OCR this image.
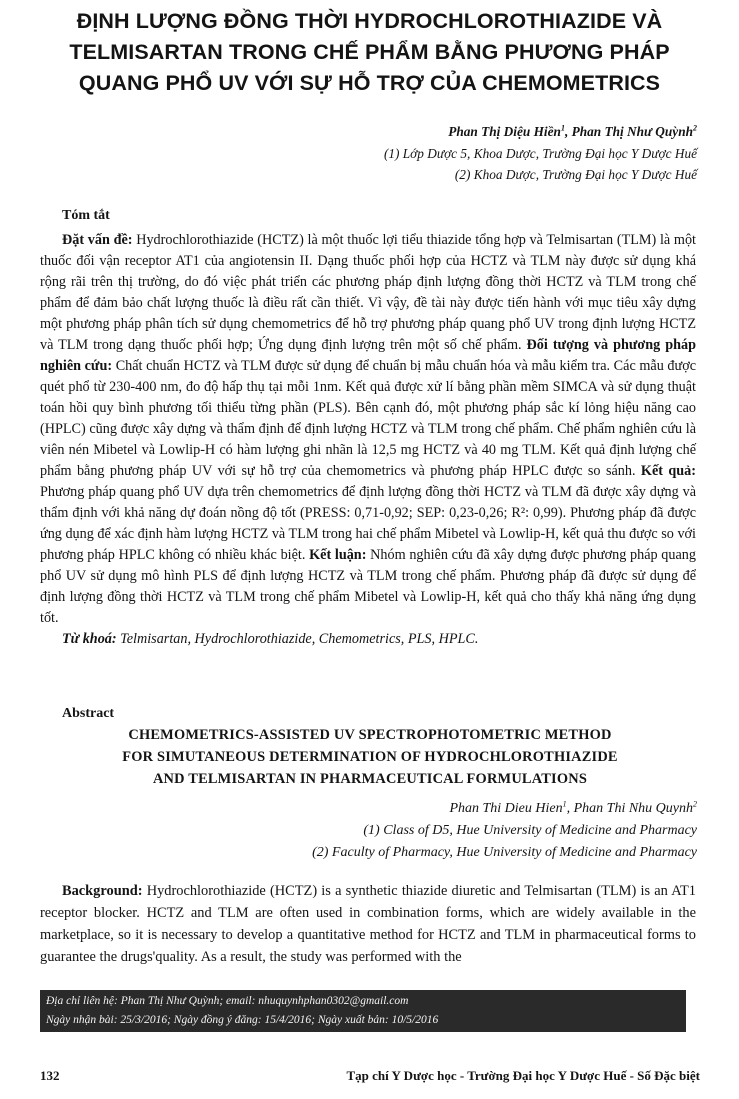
ĐỊNH LƯỢNG ĐỒNG THỜI HYDROCHLOROTHIAZIDE VÀ
TELMISARTAN TRONG CHẾ PHẨM BẰNG PHƯƠNG PHÁP
QUANG PHỔ UV VỚI SỰ HỖ TRỢ CỦA CHEMOMETRICS
Phan Thị Diệu Hiền$^1$, Phan Thị Như Quỳnh$^2$
(1) Lớp Dược 5, Khoa Dược, Trường Đại học Y Dược Huế
(2) Khoa Dược, Trường Đại học Y Dược Huế
Tóm tắt

Đặt vấn đề: Hydrochlorothiazide (HCTZ) là một thuốc lợi tiểu thiazide tổng hợp và Telmisartan (TLM) là một thuốc đối vận receptor AT1 của angiotensin II. Dạng thuốc phối hợp của HCTZ và TLM này được sử dụng khá rộng rãi trên thị trường, do đó việc phát triển các phương pháp định lượng đồng thời HCTZ và TLM trong chế phẩm để đảm bảo chất lượng thuốc là điều rất cần thiết. Vì vậy, đề tài này được tiến hành với mục tiêu xây dựng một phương pháp phân tích sử dụng chemometrics để hỗ trợ phương pháp quang phổ UV trong định lượng HCTZ và TLM trong dạng thuốc phối hợp; Ứng dụng định lượng trên một số chế phẩm. Đối tượng và phương pháp nghiên cứu: Chất chuẩn HCTZ và TLM được sử dụng để chuẩn bị mẫu chuẩn hóa và mẫu kiểm tra. Các mẫu được quét phổ từ 230-400 nm, đo độ hấp thụ tại mỗi 1nm. Kết quả được xử lí bằng phần mềm SIMCA và sử dụng thuật toán hồi quy bình phương tối thiểu từng phần (PLS). Bên cạnh đó, một phương pháp sắc kí lỏng hiệu năng cao (HPLC) cũng được xây dựng và thẩm định để định lượng HCTZ và TLM trong chế phẩm. Chế phẩm nghiên cứu là viên nén Mibetel và Lowlip-H có hàm lượng ghi nhãn là 12,5 mg HCTZ và 40 mg TLM. Kết quả định lượng chế phẩm bằng phương pháp UV với sự hỗ trợ của chemometrics và phương pháp HPLC được so sánh. Kết quả: Phương pháp quang phổ UV dựa trên chemometrics để định lượng đồng thời HCTZ và TLM đã được xây dựng và thẩm định với khả năng dự đoán nồng độ tốt (PRESS: 0,71-0,92; SEP: 0,23-0,26; R²: 0,99). Phương pháp đã được ứng dụng để xác định hàm lượng HCTZ và TLM trong hai chế phẩm Mibetel và Lowlip-H, kết quả thu được so với phương pháp HPLC không có nhiều khác biệt. Kết luận: Nhóm nghiên cứu đã xây dựng được phương pháp quang phổ UV sử dụng mô hình PLS để định lượng HCTZ và TLM trong chế phẩm. Phương pháp đã được sử dụng để định lượng đồng thời HCTZ và TLM trong chế phẩm Mibetel và Lowlip-H, kết quả cho thấy khả năng ứng dụng tốt.

Từ khoá: Telmisartan, Hydrochlorothiazide, Chemometrics, PLS, HPLC.

Abstract
CHEMOMETRICS-ASSISTED UV SPECTROPHOTOMETRIC METHOD
FOR SIMUTANEOUS DETERMINATION OF HYDROCHLOROTHIAZIDE
AND TELMISARTAN IN PHARMACEUTICAL FORMULATIONS
Phan Thi Dieu Hien$^1$, Phan Thi Nhu Quynh$^2$
(1) Class of D5, Hue University of Medicine and Pharmacy
(2) Faculty of Pharmacy, Hue University of Medicine and Pharmacy

Background: Hydrochlorothiazide (HCTZ) is a synthetic thiazide diuretic and Telmisartan (TLM) is an AT1 receptor blocker. HCTZ and TLM are often used in combination forms, which are widely available in the marketplace, so it is necessary to develop a quantitative method for HCTZ and TLM in pharmaceutical forms to guarantee the drugs'quality. As a result, the study was performed with the

Địa chỉ liên hệ: Phan Thị Như Quỳnh; email: nhuquynhphan0302@gmail.com
Ngày nhận bài: 25/3/2016; Ngày đồng ý đăng: 15/4/2016; Ngày xuất bản: 10/5/2016
132	Tạp chí Y Dược học - Trường Đại học Y Dược Huế - Số Đặc biệt
